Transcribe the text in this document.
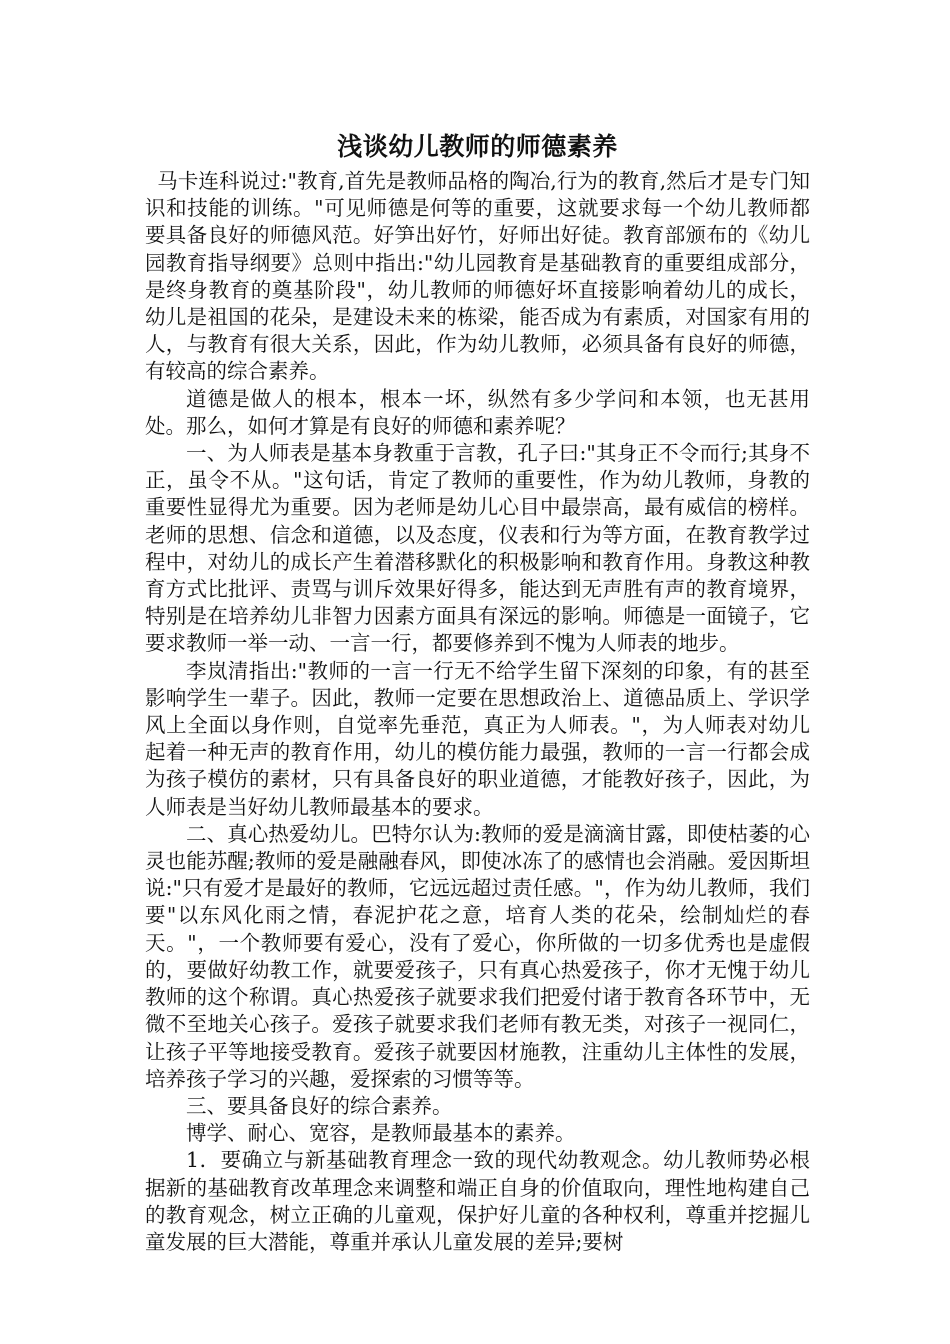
浅谈幼儿教师的师德素养

马卡连科说过:"教育,首先是教师品格的陶冶,行为的教育,然后才是专门知识和技能的训练。"可见师德是何等的重要，这就要求每一个幼儿教师都要具备良好的师德风范。好笋出好竹，好师出好徒。教育部颁布的《幼儿园教育指导纲要》总则中指出:"幼儿园教育是基础教育的重要组成部分，是终身教育的奠基阶段"，幼儿教师的师德好坏直接影响着幼儿的成长，幼儿是祖国的花朵，是建设未来的栋梁，能否成为有素质，对国家有用的人，与教育有很大关系，因此，作为幼儿教师，必须具备有良好的师德，有较高的综合素养。

道德是做人的根本，根本一坏，纵然有多少学问和本领，也无甚用处。那么，如何才算是有良好的师德和素养呢？

一、为人师表是基本身教重于言教，孔子曰:"其身正不令而行;其身不正，虽令不从。"这句话，肯定了教师的重要性，作为幼儿教师，身教的重要性显得尤为重要。因为老师是幼儿心目中最崇高，最有威信的榜样。老师的思想、信念和道德，以及态度，仪表和行为等方面，在教育教学过程中，对幼儿的成长产生着潜移默化的积极影响和教育作用。身教这种教育方式比批评、责骂与训斥效果好得多，能达到无声胜有声的教育境界，特别是在培养幼儿非智力因素方面具有深远的影响。师德是一面镜子，它要求教师一举一动、一言一行，都要修养到不愧为人师表的地步。

李岚清指出:"教师的一言一行无不给学生留下深刻的印象，有的甚至影响学生一辈子。因此，教师一定要在思想政治上、道德品质上、学识学风上全面以身作则，自觉率先垂范，真正为人师表。"，为人师表对幼儿起着一种无声的教育作用，幼儿的模仿能力最强，教师的一言一行都会成为孩子模仿的素材，只有具备良好的职业道德，才能教好孩子，因此，为人师表是当好幼儿教师最基本的要求。

二、真心热爱幼儿。巴特尔认为:教师的爱是滴滴甘露，即使枯萎的心灵也能苏醒;教师的爱是融融春风，即使冰冻了的感情也会消融。爱因斯坦说:"只有爱才是最好的教师，它远远超过责任感。"，作为幼儿教师，我们要"以东风化雨之情，春泥护花之意，培育人类的花朵，绘制灿烂的春天。"，一个教师要有爱心，没有了爱心，你所做的一切多优秀也是虚假的，要做好幼教工作，就要爱孩子，只有真心热爱孩子，你才无愧于幼儿教师的这个称谓。真心热爱孩子就要求我们把爱付诸于教育各环节中，无微不至地关心孩子。爱孩子就要求我们老师有教无类，对孩子一视同仁，让孩子平等地接受教育。爱孩子就要因材施教，注重幼儿主体性的发展，培养孩子学习的兴趣，爱探索的习惯等等。

三、要具备良好的综合素养。

博学、耐心、宽容，是教师最基本的素养。

1．要确立与新基础教育理念一致的现代幼教观念。幼儿教师势必根据新的基础教育改革理念来调整和端正自身的价值取向，理性地构建自己的教育观念，树立正确的儿童观，保护好儿童的各种权利，尊重并挖掘儿童发展的巨大潜能，尊重并承认儿童发展的差异;要树
